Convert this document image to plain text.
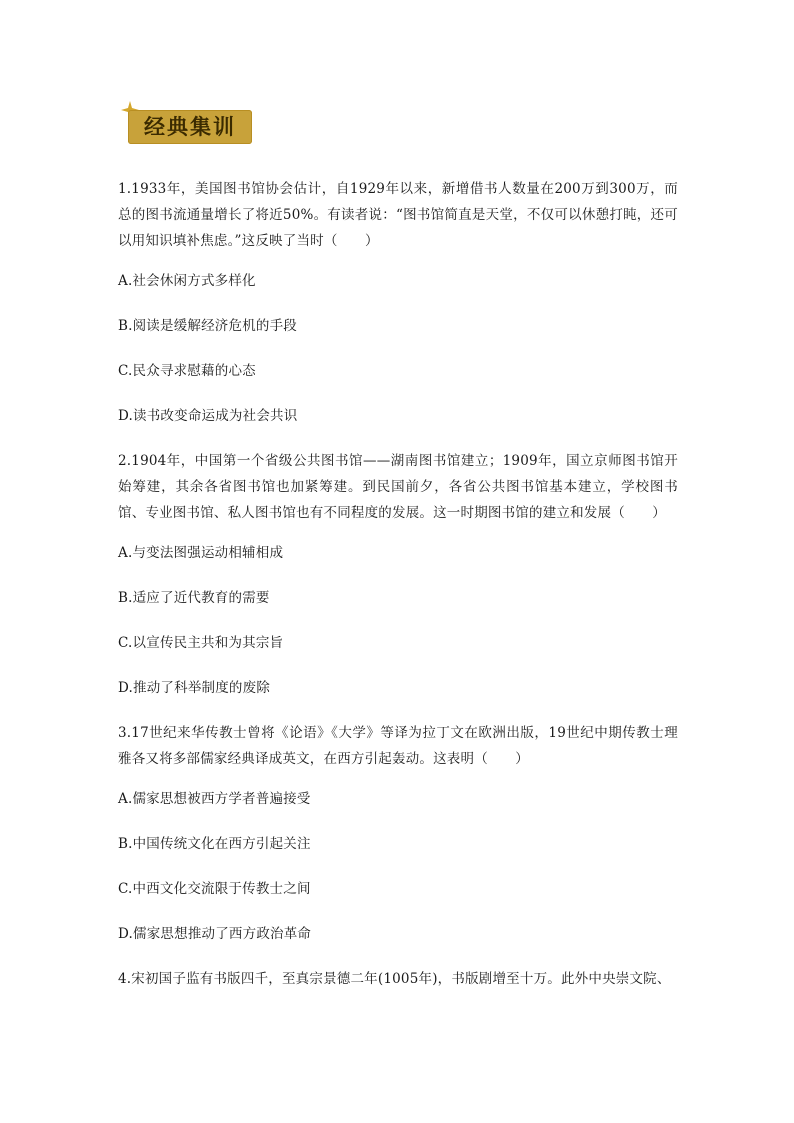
经典集训

1.1933年，美国图书馆协会估计，自1929年以来，新增借书人数量在200万到300万，而总的图书流通量增长了将近50%。有读者说：“图书馆简直是天堂，不仅可以休憩打盹，还可以用知识填补焦虑。”这反映了当时（　　）

A.社会休闲方式多样化

B.阅读是缓解经济危机的手段

C.民众寻求慰藉的心态

D.读书改变命运成为社会共识

2.1904年，中国第一个省级公共图书馆——湖南图书馆建立；1909年，国立京师图书馆开始筹建，其余各省图书馆也加紧筹建。到民国前夕，各省公共图书馆基本建立，学校图书馆、专业图书馆、私人图书馆也有不同程度的发展。这一时期图书馆的建立和发展（　　）

A.与变法图强运动相辅相成

B.适应了近代教育的需要

C.以宣传民主共和为其宗旨

D.推动了科举制度的废除

3.17世纪来华传教士曾将《论语》《大学》等译为拉丁文在欧洲出版，19世纪中期传教士理雅各又将多部儒家经典译成英文，在西方引起轰动。这表明（　　）

A.儒家思想被西方学者普遍接受

B.中国传统文化在西方引起关注

C.中西文化交流限于传教士之间

D.儒家思想推动了西方政治革命

4.宋初国子监有书版四千，至真宗景德二年(1005年)，书版剧增至十万。此外中央崇文院、
